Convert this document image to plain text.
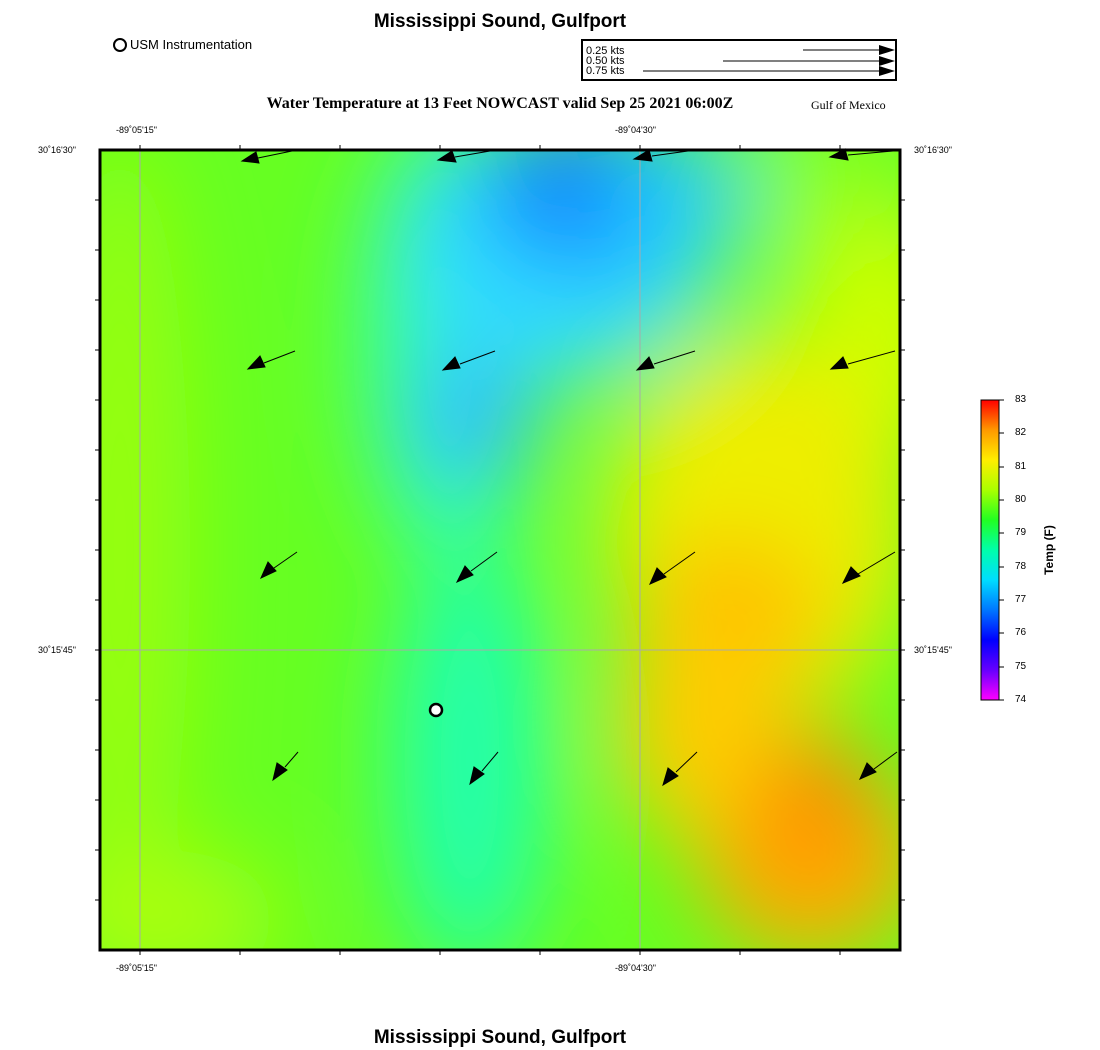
Mississippi Sound, Gulfport
USM Instrumentation	0.25 kts
0.50 kts
0.75 kts
Water Temperature at 13 Feet NOWCAST valid Sep 25 2021 06:00Z	Gulf of Mexico
-89˚05'15"	-89˚04'30"
-89˚05'15"	-89˚04'30"
30˚16'30"
30˚15'45"
30˚16'30"
30˚15'45"
83
82
81
80
79
78
77
76
75
74
Temp (F)
Mississippi Sound, Gulfport
